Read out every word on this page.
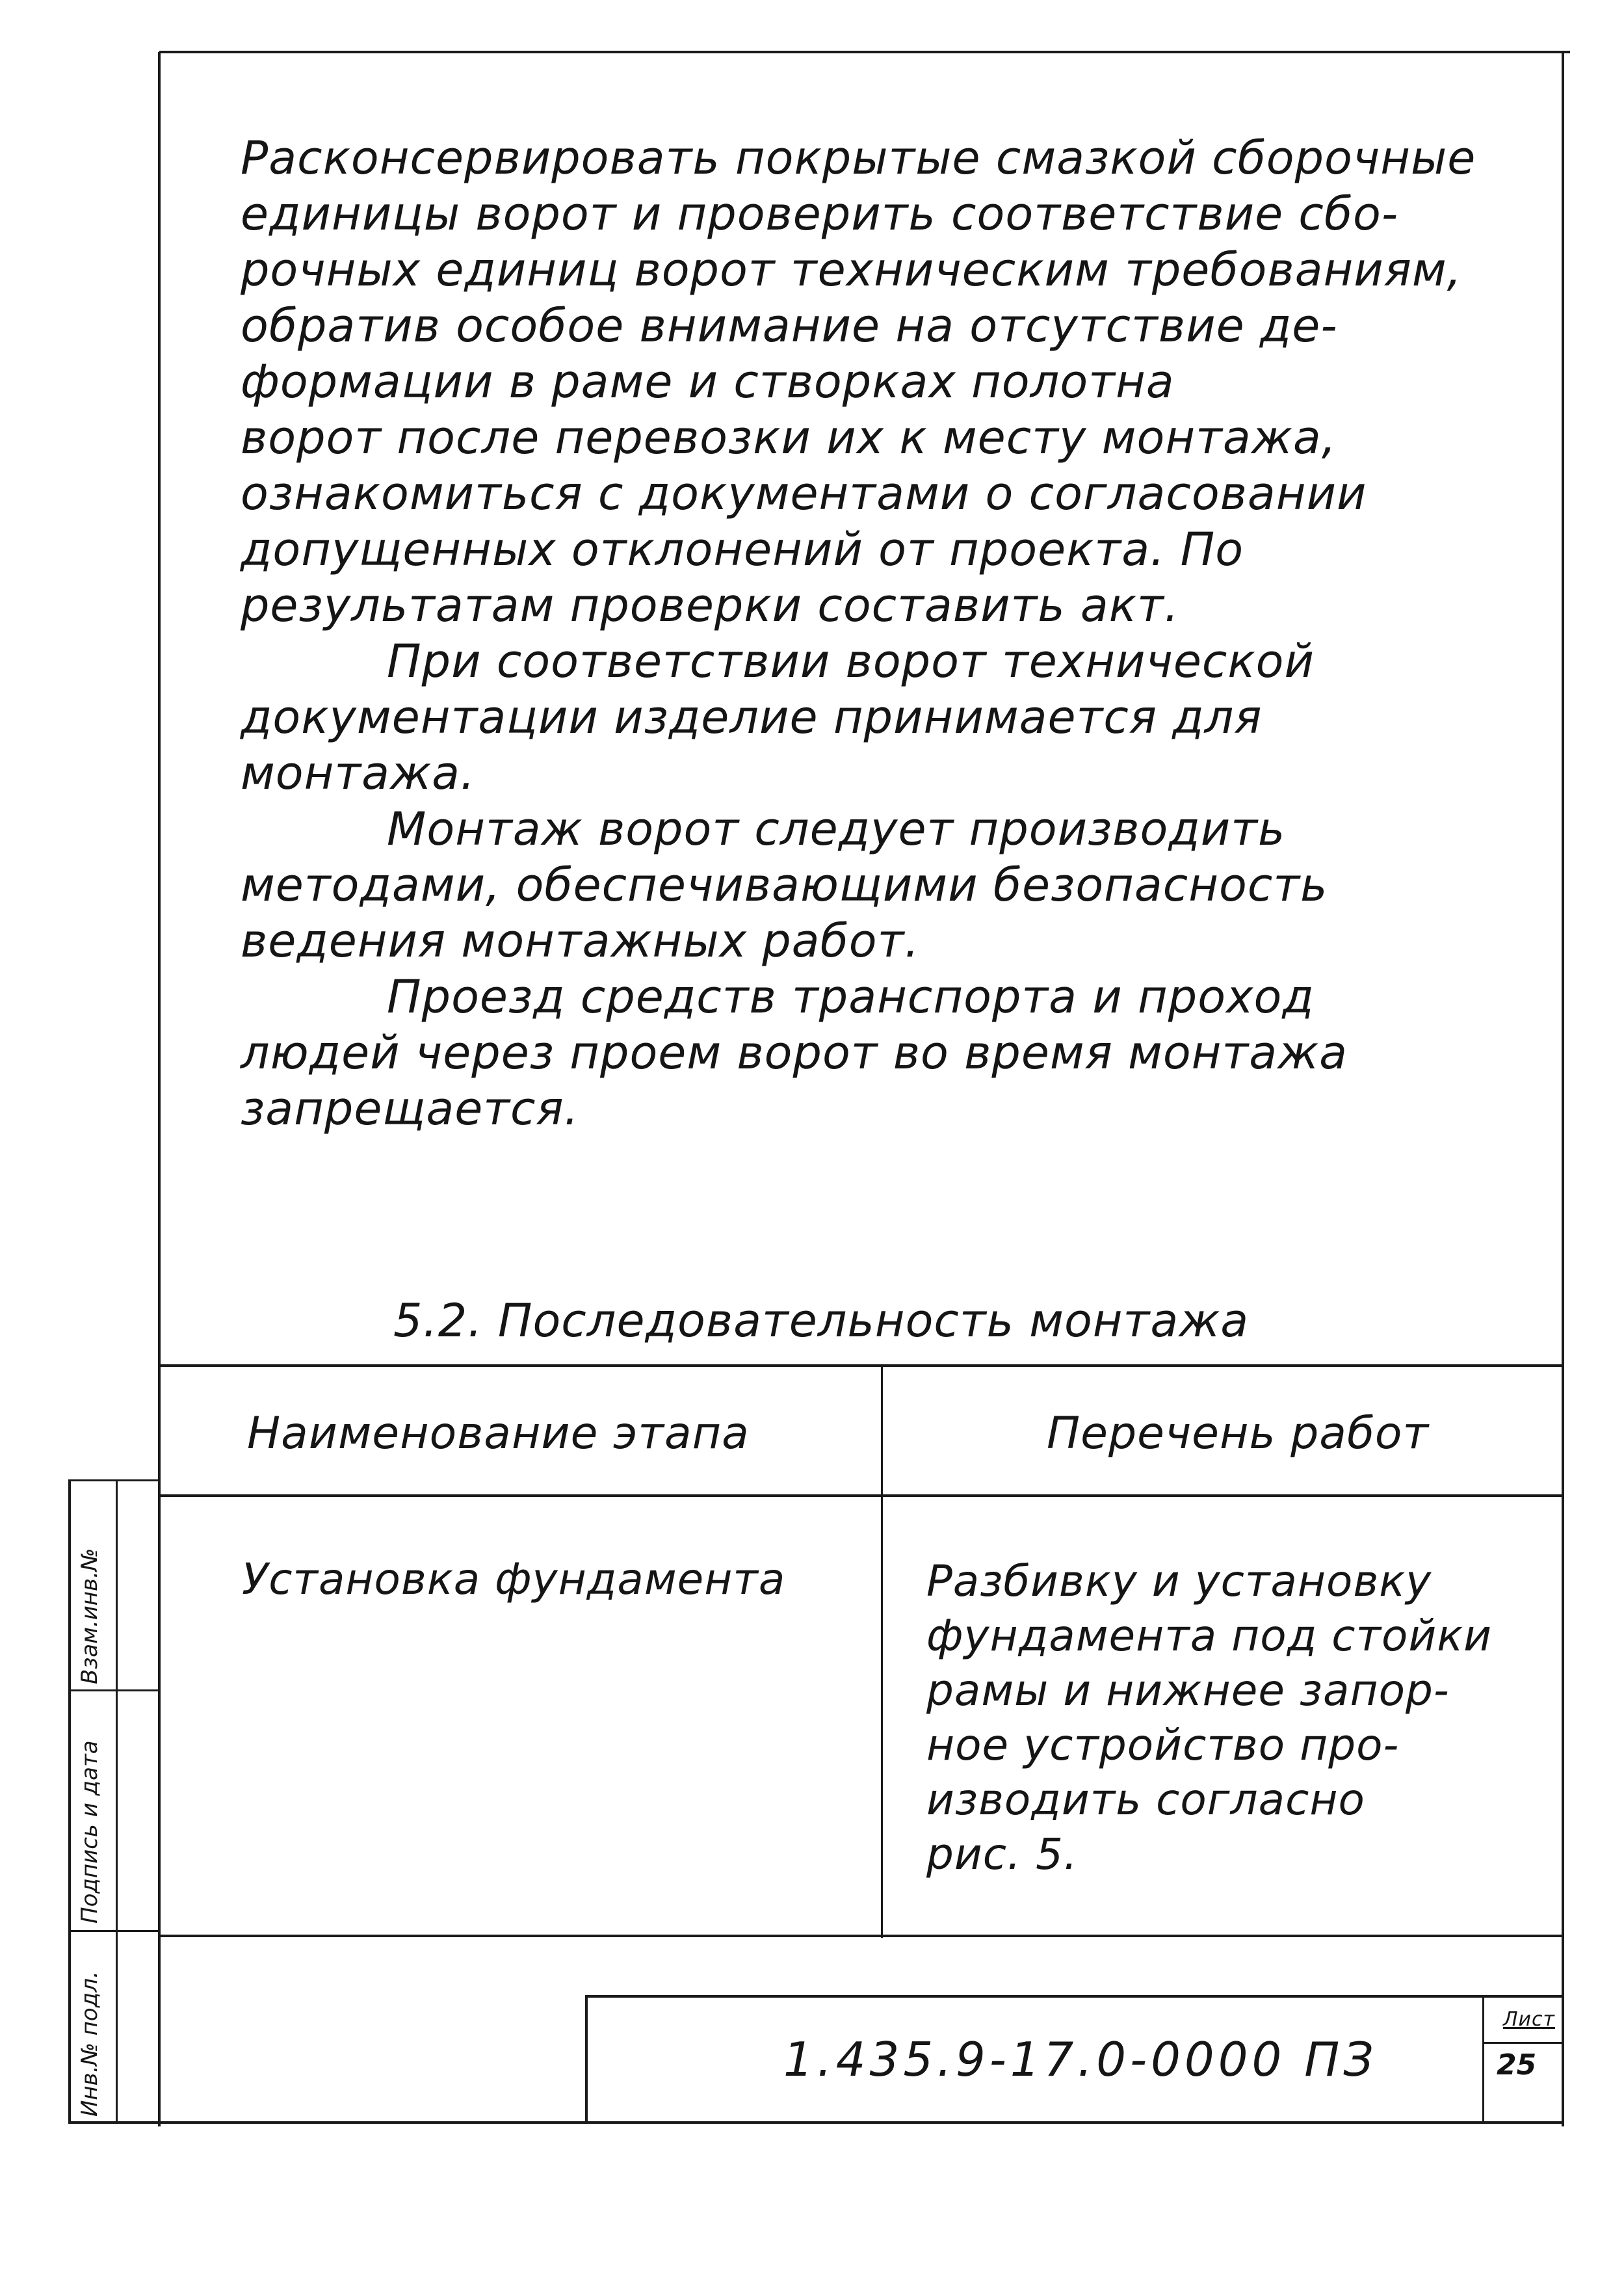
Расконсервировать покрытые смазкой сборочные
единицы ворот и проверить соответствие сбо-
рочных единиц ворот техническим требованиям,
обратив особое внимание на отсутствие де-
формации в раме и створках полотна
ворот после перевозки их к месту монтажа,
ознакомиться с документами о согласовании
допущенных отклонений от проекта. По
результатам проверки составить акт.
При соответствии ворот технической
документации изделие принимается для
монтажа.
Монтаж ворот следует производить
методами, обеспечивающими безопасность
ведения монтажных работ.
Проезд средств транспорта и проход
людей через проем ворот во время монтажа
запрещается.
5.2. Последовательность монтажа
Наименование этапа	Перечень работ
Установка фундамента	Разбивку и установку
фундамента под стойки
рамы и нижнее запор-
ное устройство про-
изводить согласно
рис. 5.
1.435.9-17.0-0000 ПЗ
Лист
25
Инв.№ подл.
Подпись и дата
Взам.инв.№
